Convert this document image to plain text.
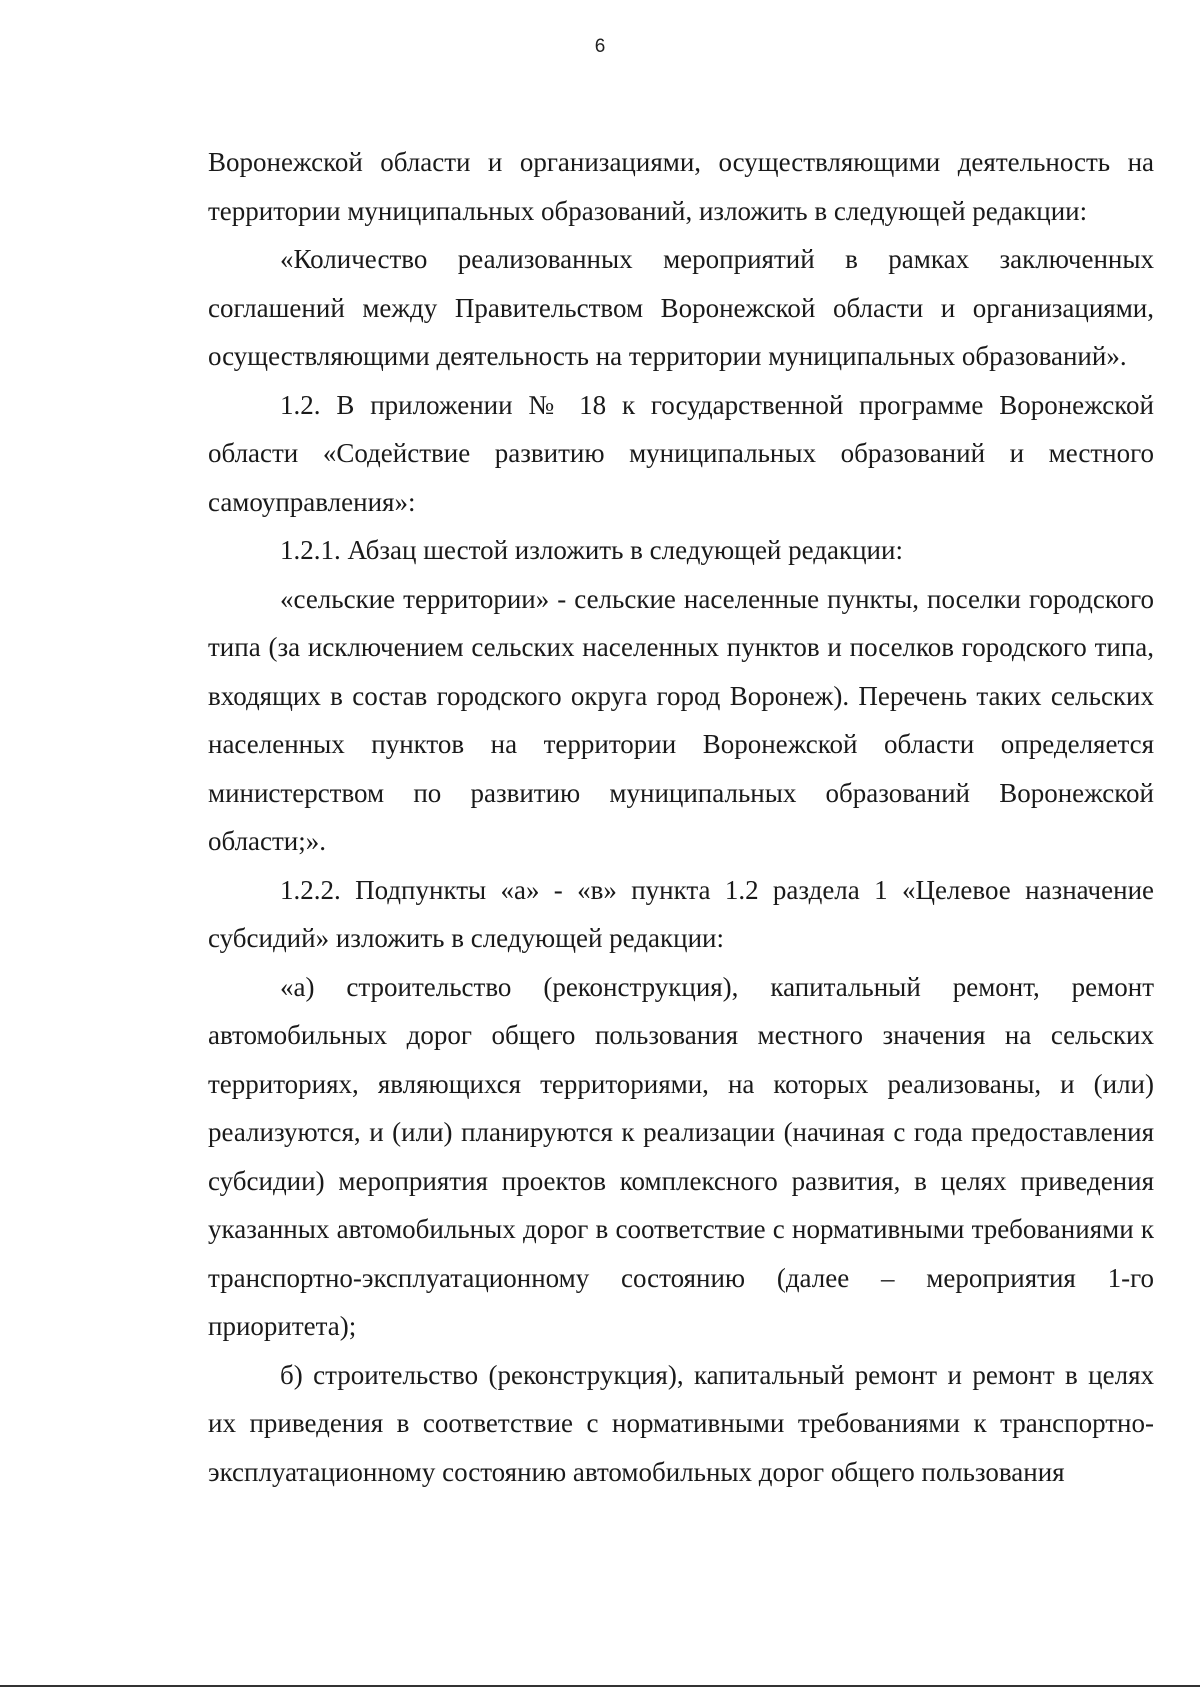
6

Воронежской области и организациями, осуществляющими деятельность на территории муниципальных образований, изложить в следующей редакции:

«Количество реализованных мероприятий в рамках заключенных соглашений между Правительством Воронежской области и организациями, осуществляющими деятельность на территории муниципальных образований».

1.2. В приложении № 18 к государственной программе Воронежской области «Содействие развитию муниципальных образований и местного самоуправления»:

1.2.1. Абзац шестой изложить в следующей редакции:

«сельские территории» - сельские населенные пункты, поселки городского типа (за исключением сельских населенных пунктов и поселков городского типа, входящих в состав городского округа город Воронеж). Перечень таких сельских населенных пунктов на территории Воронежской области определяется министерством по развитию муниципальных образований Воронежской области;».

1.2.2. Подпункты «а» - «в» пункта 1.2 раздела 1 «Целевое назначение субсидий» изложить в следующей редакции:

«а) строительство (реконструкция), капитальный ремонт, ремонт автомобильных дорог общего пользования местного значения на сельских территориях, являющихся территориями, на которых реализованы, и (или) реализуются, и (или) планируются к реализации (начиная с года предоставления субсидии) мероприятия проектов комплексного развития, в целях приведения указанных автомобильных дорог в соответствие с нормативными требованиями к транспортно-эксплуатационному состоянию (далее – мероприятия 1-го приоритета);

б) строительство (реконструкция), капитальный ремонт и ремонт в целях их приведения в соответствие с нормативными требованиями к транспортно-эксплуатационному состоянию автомобильных дорог общего пользования
